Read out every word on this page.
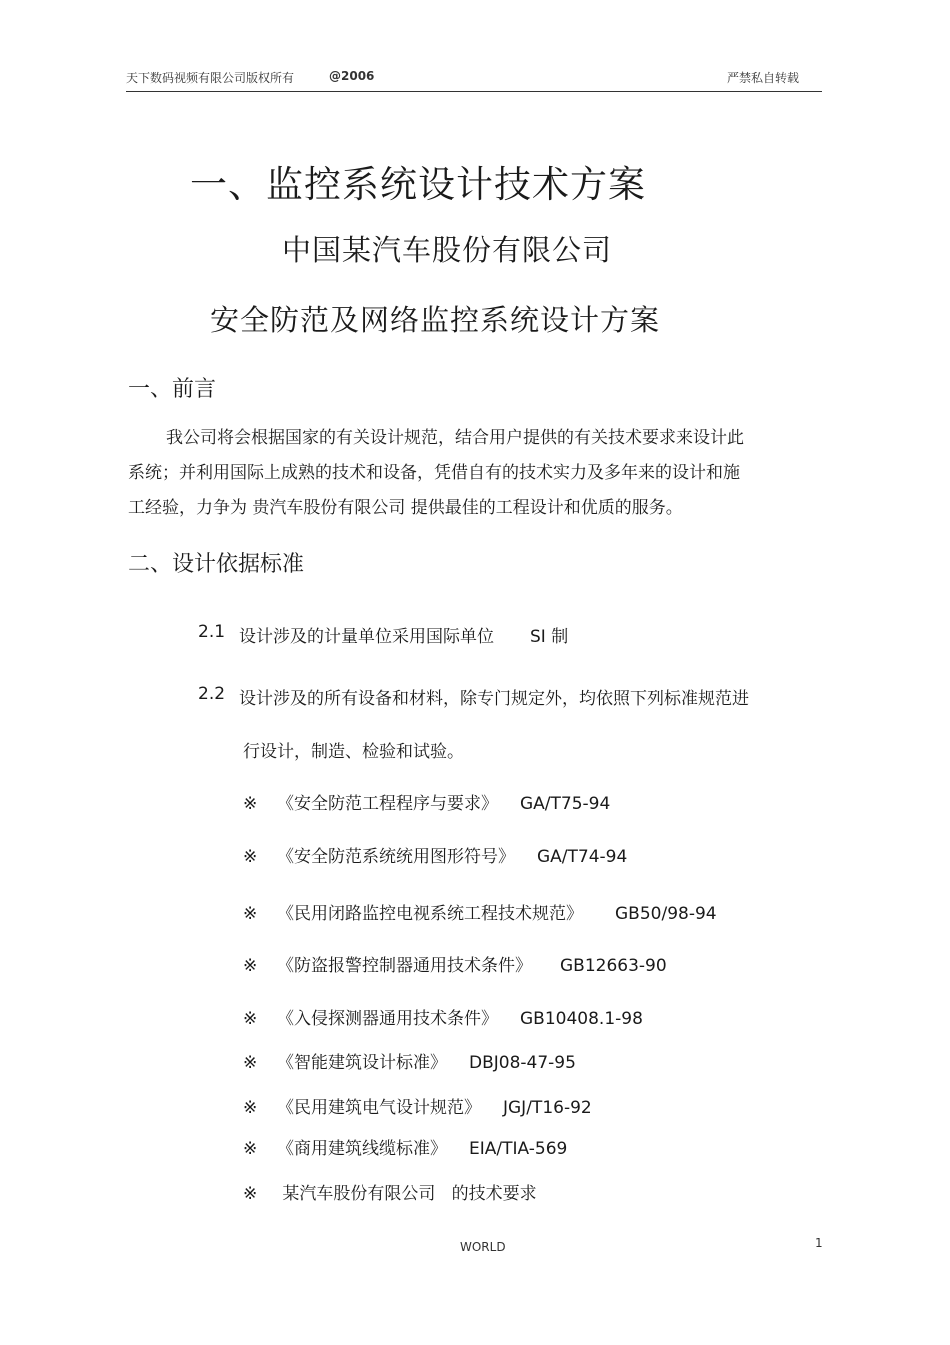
天下数码视频有限公司版权所有	@2006	严禁私自转载
一、监控系统设计技术方案
中国某汽车股份有限公司
安全防范及网络监控系统设计方案
一、前言
我公司将会根据国家的有关设计规范，结合用户提供的有关技术要求来设计此
系统；并利用国际上成熟的技术和设备，凭借自有的技术实力及多年来的设计和施
工经验，力争为 贵汽车股份有限公司 提供最佳的工程设计和优质的服务。
二、设计依据标准
2.1 设计涉及的计量单位采用国际单位 SI 制
2.2 设计涉及的所有设备和材料，除专门规定外，均依照下列标准规范进
行设计，制造、检验和试验。
※ 《安全防范工程程序与要求》 GA/T75-94
※ 《安全防范系统统用图形符号》 GA/T74-94
※ 《民用闭路监控电视系统工程技术规范》 GB50/98-94
※ 《防盗报警控制器通用技术条件》 GB12663-90
※ 《入侵探测器通用技术条件》 GB10408.1-98
※ 《智能建筑设计标准》 DBJ08-47-95
※ 《民用建筑电气设计规范》 JGJ/T16-92
※ 《商用建筑线缆标准》 EIA/TIA-569
※ 某汽车股份有限公司   的技术要求
WORLD	1
